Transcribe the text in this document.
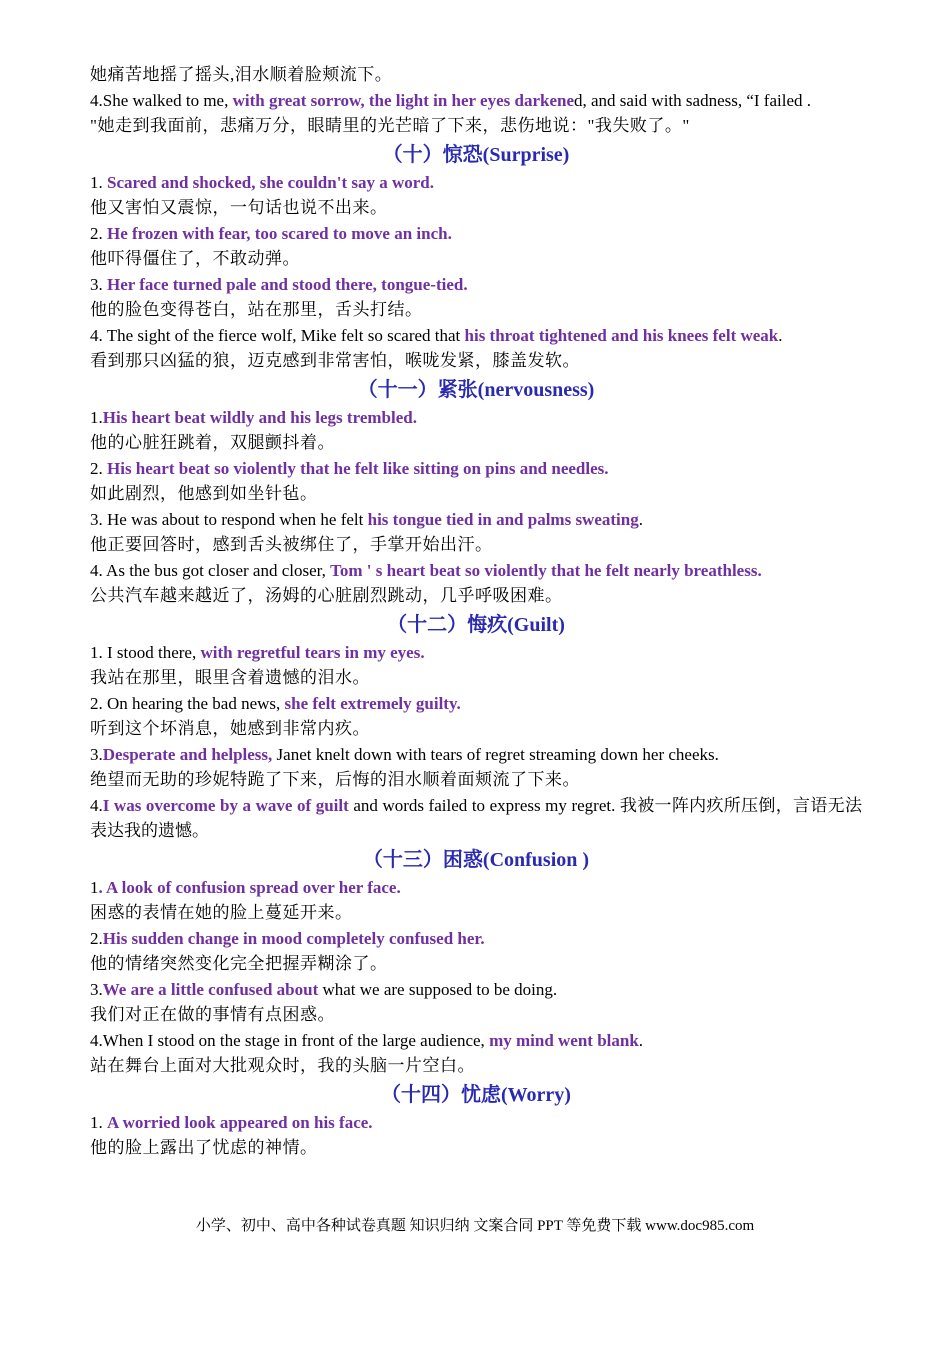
她痛苦地摇了摇头,泪水顺着脸颊流下。

4.She walked to me, with great sorrow, the light in her eyes darkened, and said with sadness, “I failed .

"她走到我面前，悲痛万分，眼睛里的光芒暗了下来，悲伤地说："我失败了。"

（十）惊恐(Surprise)

1. Scared and shocked, she couldn't say a word.

他又害怕又震惊，一句话也说不出来。

2. He frozen with fear, too scared to move an inch.

他吓得僵住了，不敢动弹。

3. Her face turned pale and stood there, tongue-tied.

他的脸色变得苍白，站在那里，舌头打结。

4. The sight of the fierce wolf, Mike felt so scared that his throat tightened and his knees felt weak.

看到那只凶猛的狼，迈克感到非常害怕，喉咙发紧，膝盖发软。

（十一）紧张(nervousness)

1.His heart beat wildly and his legs trembled.

他的心脏狂跳着，双腿颤抖着。

2. His heart beat so violently that he felt like sitting on pins and needles.

如此剧烈，他感到如坐针毡。

3. He was about to respond when he felt his tongue tied in and palms sweating.

他正要回答时，感到舌头被绑住了，手掌开始出汗。

4. As the bus got closer and closer, Tom ' s heart beat so violently that he felt nearly breathless.

公共汽车越来越近了，汤姆的心脏剧烈跳动，几乎呼吸困难。

（十二）悔疚(Guilt)

1. I stood there, with regretful tears in my eyes.

我站在那里，眼里含着遗憾的泪水。

2. On hearing the bad news, she felt extremely guilty.

听到这个坏消息，她感到非常内疚。

3.Desperate and helpless, Janet knelt down with tears of regret streaming down her cheeks.

绝望而无助的珍妮特跪了下来，后悔的泪水顺着面颊流了下来。

4.I was overcome by a wave of guilt and words failed to express my regret. 我被一阵内疚所压倒，言语无法表达我的遗憾。

（十三）困惑(Confusion )

1. A look of confusion spread over her face.

困惑的表情在她的脸上蔓延开来。

2.His sudden change in mood completely confused her.

他的情绪突然变化完全把握弄糊涂了。

3.We are a little confused about what we are supposed to be doing.

我们对正在做的事情有点困惑。

4.When I stood on the stage in front of the large audience, my mind went blank.

站在舞台上面对大批观众时，我的头脑一片空白。

（十四）忧虑(Worry)

1. A worried look appeared on his face.

他的脸上露出了忧虑的神情。

小学、初中、高中各种试卷真题 知识归纳 文案合同 PPT 等免费下载 www.doc985.com
